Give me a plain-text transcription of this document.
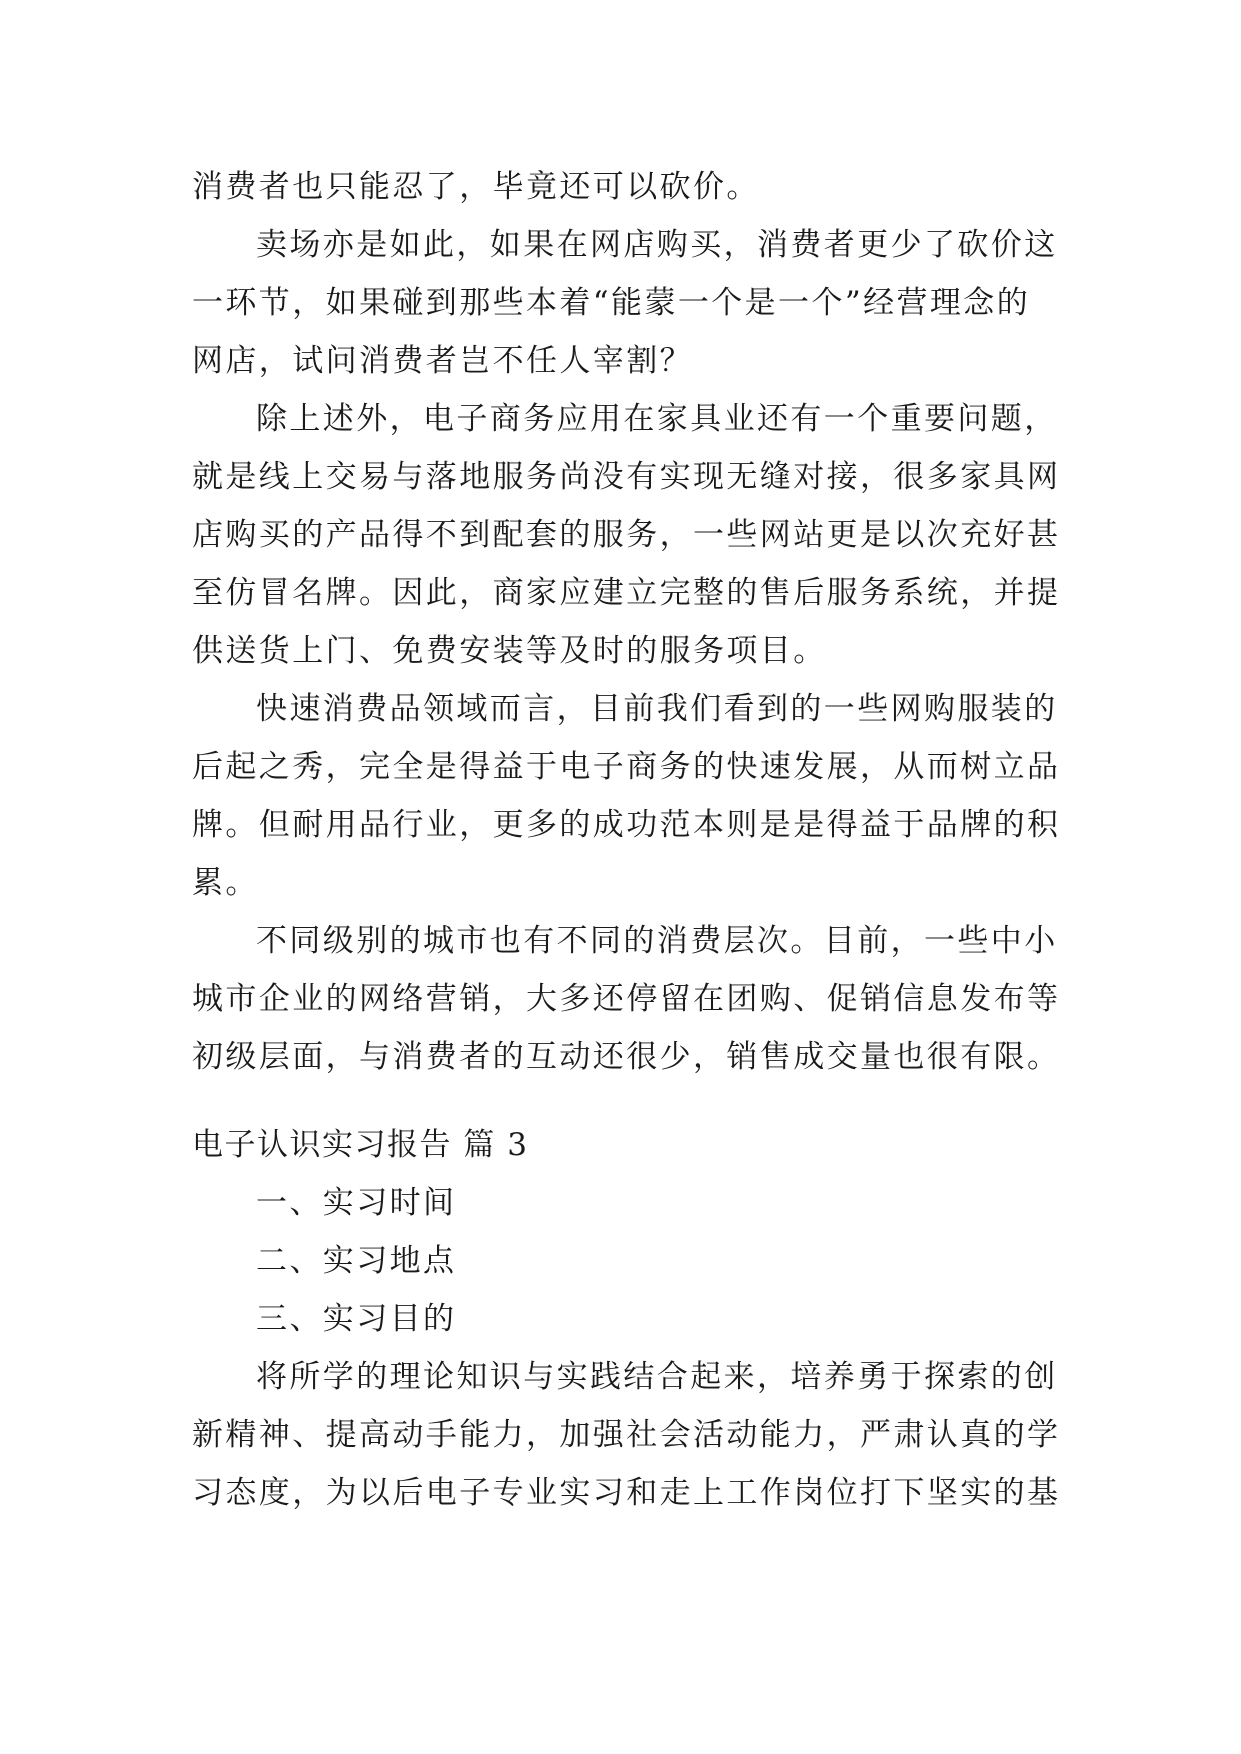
消费者也只能忍了，毕竟还可以砍价。
卖场亦是如此，如果在网店购买，消费者更少了砍价这
一环节，如果碰到那些本着“能蒙一个是一个”经营理念的
网店，试问消费者岂不任人宰割？
除上述外，电子商务应用在家具业还有一个重要问题，
就是线上交易与落地服务尚没有实现无缝对接，很多家具网
店购买的产品得不到配套的服务，一些网站更是以次充好甚
至仿冒名牌。因此，商家应建立完整的售后服务系统，并提
供送货上门、免费安装等及时的服务项目。
快速消费品领域而言，目前我们看到的一些网购服装的
后起之秀，完全是得益于电子商务的快速发展，从而树立品
牌。但耐用品行业，更多的成功范本则是是得益于品牌的积
累。
不同级别的城市也有不同的消费层次。目前，一些中小
城市企业的网络营销，大多还停留在团购、促销信息发布等
初级层面，与消费者的互动还很少，销售成交量也很有限。
电子认识实习报告 篇 3
一、实习时间
二、实习地点
三、实习目的
将所学的理论知识与实践结合起来，培养勇于探索的创
新精神、提高动手能力，加强社会活动能力，严肃认真的学
习态度，为以后电子专业实习和走上工作岗位打下坚实的基
